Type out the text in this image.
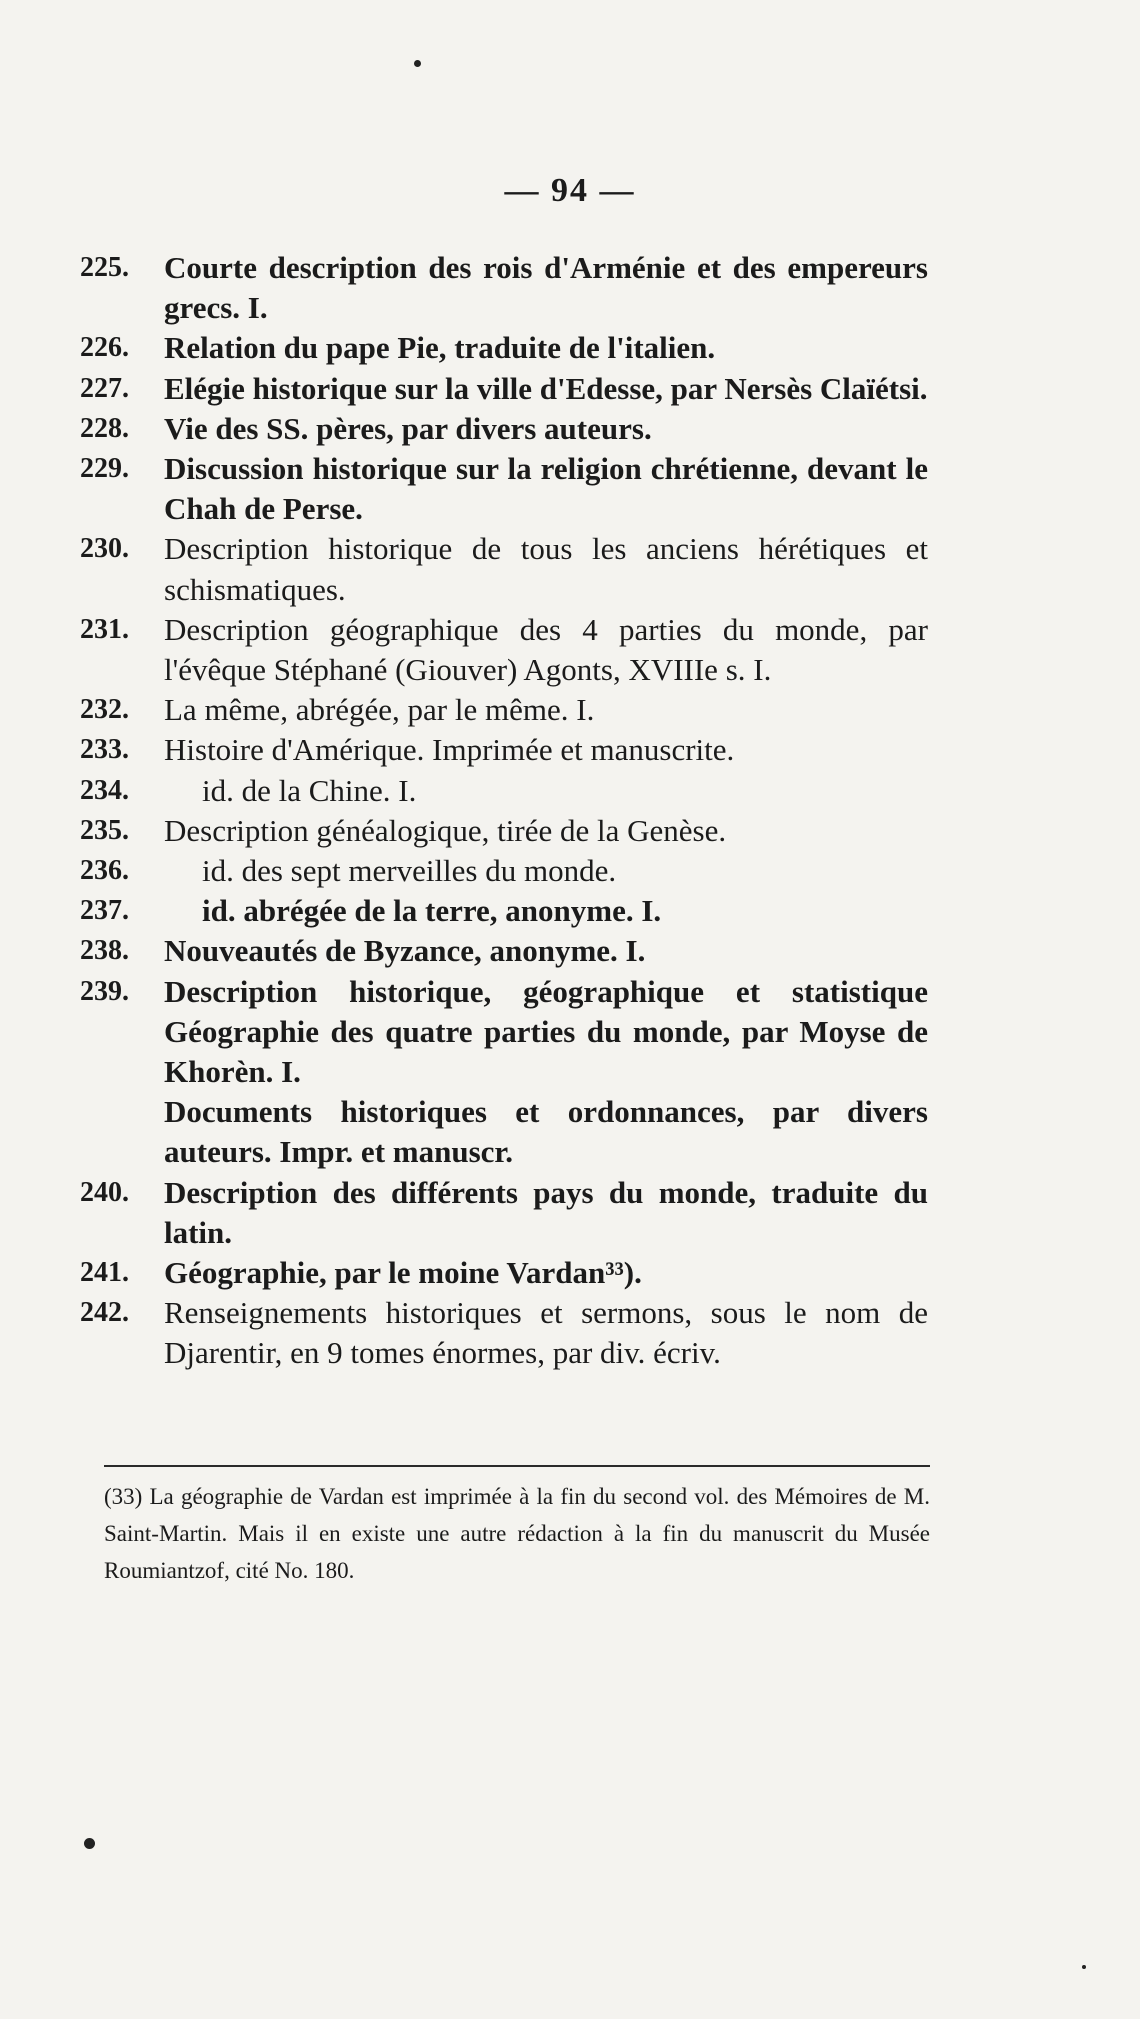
— 94 —
225.	Courte description des rois d'Arménie et des empereurs grecs. I.
226.	Relation du pape Pie, traduite de l'italien.
227.	Elégie historique sur la ville d'Edesse, par Nersès Claïétsi.
228.	Vie des SS. pères, par divers auteurs.
229.	Discussion historique sur la religion chrétienne, devant le Chah de Perse.
230.	Description historique de tous les anciens hérétiques et schismatiques.
231.	Description géographique des 4 parties du monde, par l'évêque Stéphané (Giouver) Agonts, XVIIIe s. I.
232.	La même, abrégée, par le même. I.
233.	Histoire d'Amérique. Imprimée et manuscrite.
234.	id. de la Chine. I.
235.	Description généalogique, tirée de la Genèse.
236.	id. des sept merveilles du monde.
237.	id. abrégée de la terre, anonyme. I.
238.	Nouveautés de Byzance, anonyme. I.
239.	Description historique, géographique et statistique Géographie des quatre parties du monde, par Moyse de Khorèn. I.
Documents historiques et ordonnances, par divers auteurs. Impr. et manuscr.
240.	Description des différents pays du monde, traduite du latin.
241.	Géographie, par le moine Vardan³³).
242.	Renseignements historiques et sermons, sous le nom de Djarentir, en 9 tomes énormes, par div. écriv.
(33) La géographie de Vardan est imprimée à la fin du second vol. des Mémoires de M. Saint-Martin. Mais il en existe une autre rédaction à la fin du manuscrit du Musée Roumiantzof, cité No. 180.
